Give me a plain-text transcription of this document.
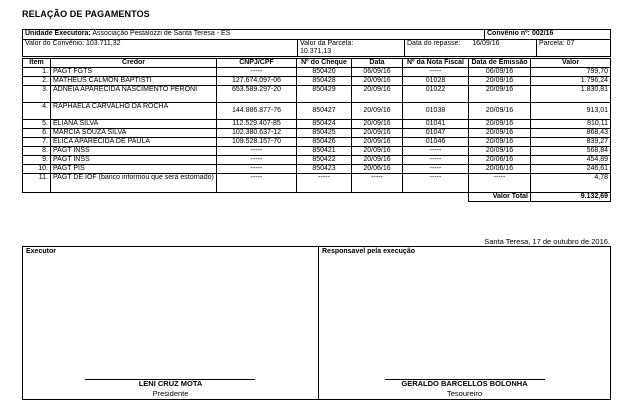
RELAÇÃO DE PAGAMENTOS
Unidade Executora: Associação Pestalozzi de Santa Teresa - ES			Convênio nº: 002/16	
Valor do Convênio: 103.711,32	Valor da Parcela:
10.371,13	Data do repasse: 16/09/16		Parcela: 07
Item	Credor	CNPJ/CPF	Nº do Cheque	Data	Nº da Nota Fiscal	Data de Emissão	Valor
1.	PAGT FGTS	-----	850420	06/09/16	-----	06/09/16	799,70
2.	MATHEUS CALMON BAPTISTI	127.674.097-06	850428	20/09/16	01028	20/09/16	1.796,24
3.	ADNEIA APARECIDA NASCIMENTO PERONI	653.589.297-20	850429	20/09/16	01022	20/09/16	1.830,81
4.	RAPHAELA CARVALHO DA ROCHA	144.886.877-76	850427	20/09/16	01038	20/09/16	913,01
5.	ELIANA SILVA	112.529.407-85	850424	20/09/16	01041	20/09/16	810,11
6.	MARCIA SOUZA SILVA	102.380.637-12	850425	20/09/16	01047	20/09/16	868,43
7.	ELICA APARECIDA DE PAULA	109.528.157-70	850426	20/09/16	01046	20/09/16	839,27
8.	PAGT INSS	-----	850421	20/09/16	-----	20/09/16	568,84
9.	PAGT INSS	-----	850422	20/09/16	-----	20/06/16	454,89
10.	PAGT PIS	-----	850423	20/06/16	-----	20/06/16	246,61
11.	PAGT DE IOF (banco informou que será estornado)	-----	-----	-----	-----	-----	4,78
						Valor Total	9.132,69
Santa Teresa, 17 de outubro de 2016.
Executor
LENI CRUZ MOTA
Presidente

Responsavel pela execução
GERALDO BARCELLOS BOLONHA
Tesoureiro
